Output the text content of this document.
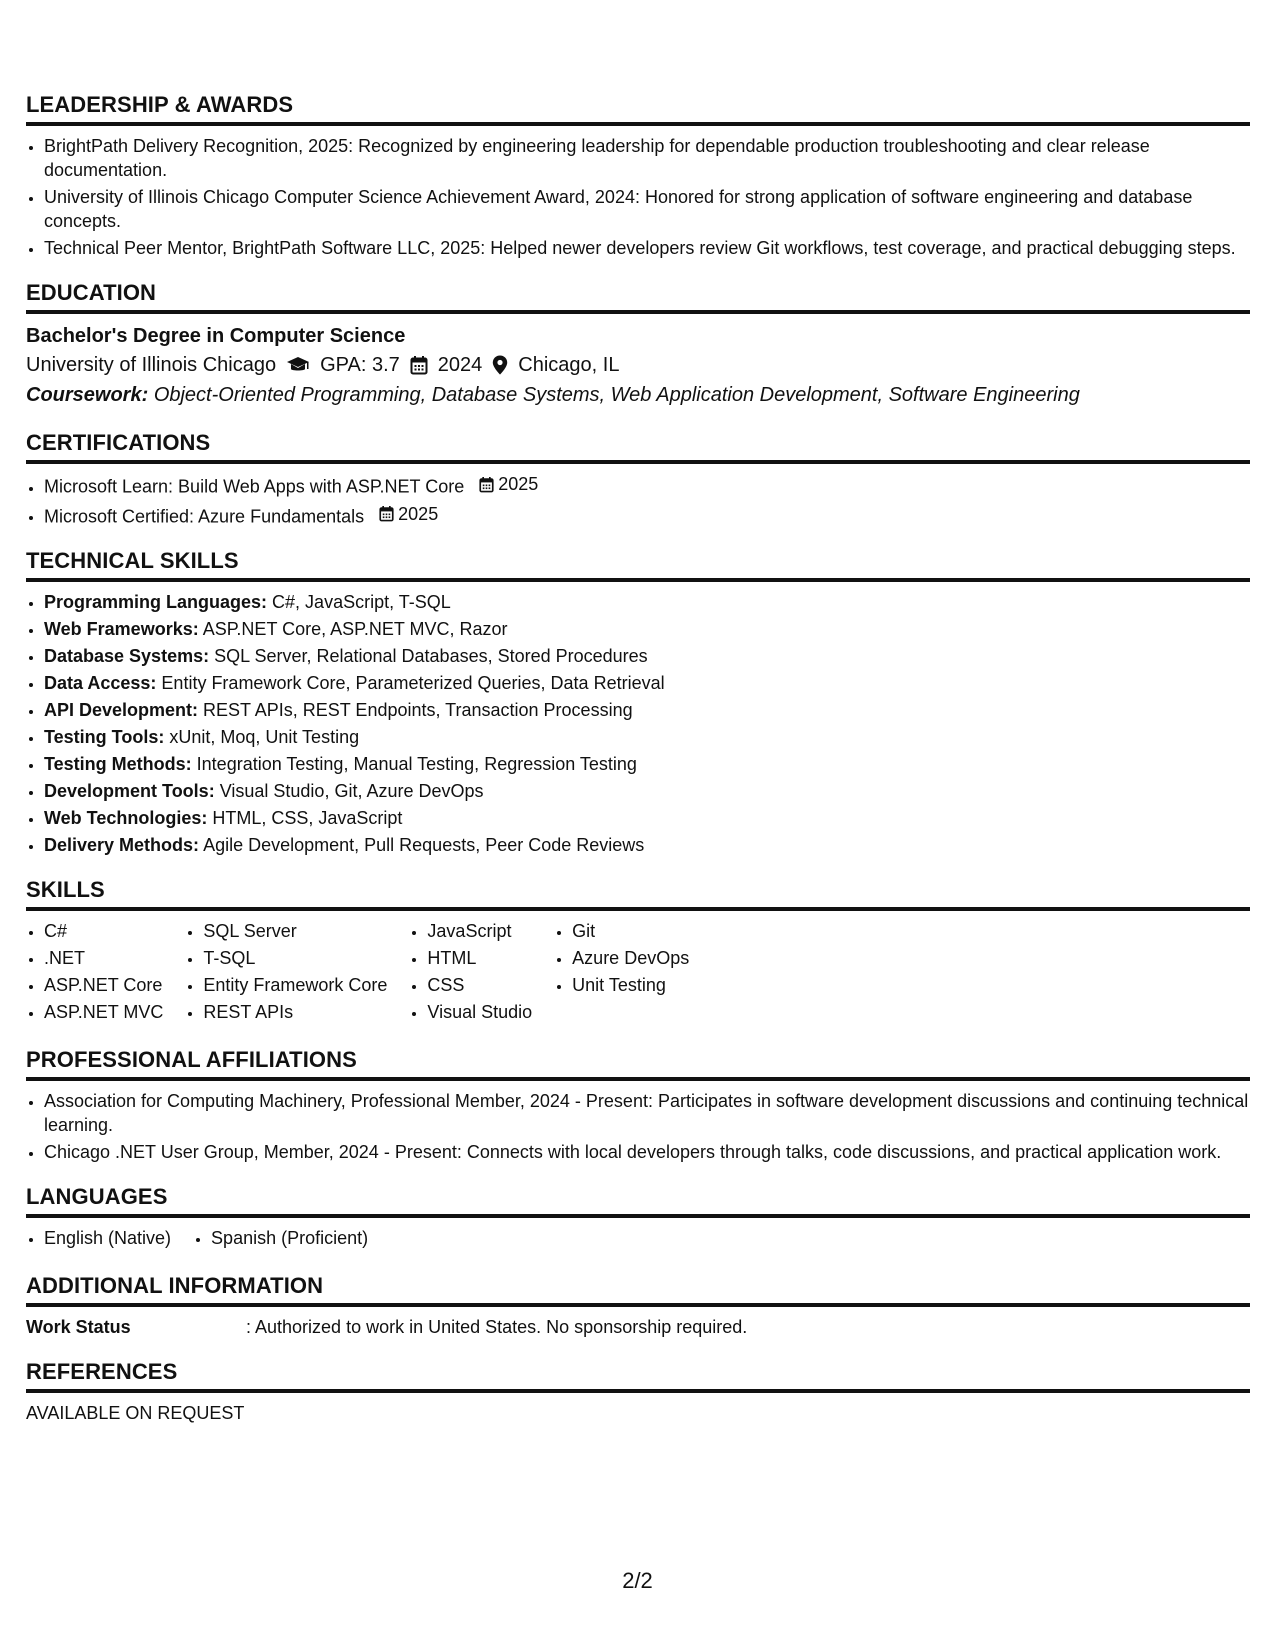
LEADERSHIP & AWARDS
• BrightPath Delivery Recognition, 2025: Recognized by engineering leadership for dependable production troubleshooting and clear release documentation.
• University of Illinois Chicago Computer Science Achievement Award, 2024: Honored for strong application of software engineering and database concepts.
• Technical Peer Mentor, BrightPath Software LLC, 2025: Helped newer developers review Git workflows, test coverage, and practical debugging steps.
EDUCATION
Bachelor's Degree in Computer Science
University of Illinois Chicago GPA: 3.7 2024 Chicago, IL
Coursework: Object-Oriented Programming, Database Systems, Web Application Development, Software Engineering
CERTIFICATIONS
• Microsoft Learn: Build Web Apps with ASP.NET Core 2025
• Microsoft Certified: Azure Fundamentals 2025
TECHNICAL SKILLS
• Programming Languages: C#, JavaScript, T-SQL
• Web Frameworks: ASP.NET Core, ASP.NET MVC, Razor
• Database Systems: SQL Server, Relational Databases, Stored Procedures
• Data Access: Entity Framework Core, Parameterized Queries, Data Retrieval
• API Development: REST APIs, REST Endpoints, Transaction Processing
• Testing Tools: xUnit, Moq, Unit Testing
• Testing Methods: Integration Testing, Manual Testing, Regression Testing
• Development Tools: Visual Studio, Git, Azure DevOps
• Web Technologies: HTML, CSS, JavaScript
• Delivery Methods: Agile Development, Pull Requests, Peer Code Reviews
SKILLS
• C#
• .NET
• ASP.NET Core
• ASP.NET MVC
• SQL Server
• T-SQL
• Entity Framework Core
• REST APIs
• JavaScript
• HTML
• CSS
• Visual Studio
• Git
• Azure DevOps
• Unit Testing
PROFESSIONAL AFFILIATIONS
• Association for Computing Machinery, Professional Member, 2024 - Present: Participates in software development discussions and continuing technical learning.
• Chicago .NET User Group, Member, 2024 - Present: Connects with local developers through talks, code discussions, and practical application work.
LANGUAGES
• English (Native)
• Spanish (Proficient)
ADDITIONAL INFORMATION
Work Status	: Authorized to work in United States. No sponsorship required.
REFERENCES
AVAILABLE ON REQUEST
2/2
